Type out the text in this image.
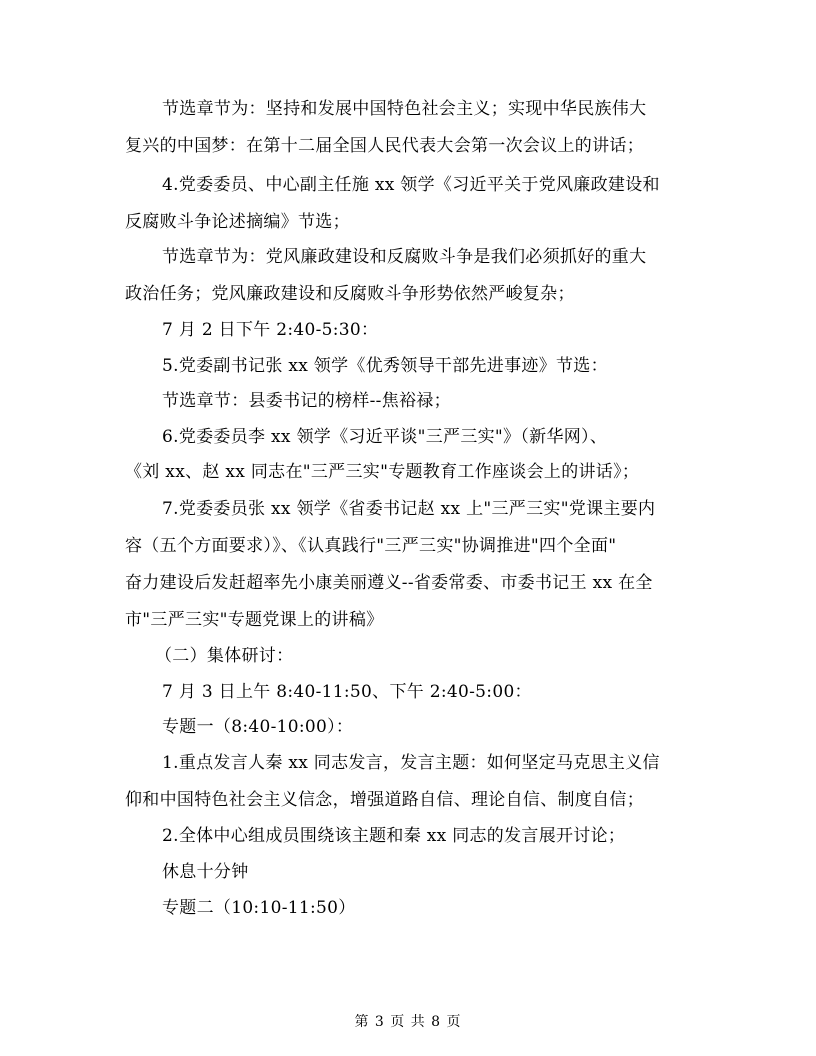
节选章节为：坚持和发展中国特色社会主义；实现中华民族伟大
复兴的中国梦：在第十二届全国人民代表大会第一次会议上的讲话；
4.党委委员、中心副主任施 xx 领学《习近平关于党风廉政建设和
反腐败斗争论述摘编》节选；
节选章节为：党风廉政建设和反腐败斗争是我们必须抓好的重大
政治任务；党风廉政建设和反腐败斗争形势依然严峻复杂；
7 月 2 日下午 2:40-5:30：
5.党委副书记张 xx 领学《优秀领导干部先进事迹》节选：
节选章节：县委书记的榜样--焦裕禄；
6.党委委员李 xx 领学《习近平谈"三严三实"》（新华网）、
《刘 xx、赵 xx 同志在"三严三实"专题教育工作座谈会上的讲话》；
7.党委委员张 xx 领学《省委书记赵 xx 上"三严三实"党课主要内
容（五个方面要求）》、《认真践行"三严三实"协调推进"四个全面"
奋力建设后发赶超率先小康美丽遵义--省委常委、市委书记王 xx 在全
市"三严三实"专题党课上的讲稿》
（二）集体研讨：
7 月 3 日上午 8:40-11:50、下午 2:40-5:00：
专题一（8:40-10:00）：
1.重点发言人秦 xx 同志发言，发言主题：如何坚定马克思主义信
仰和中国特色社会主义信念，增强道路自信、理论自信、制度自信；
2.全体中心组成员围绕该主题和秦 xx 同志的发言展开讨论；
休息十分钟
专题二（10:10-11:50）
第 3 页 共 8 页
